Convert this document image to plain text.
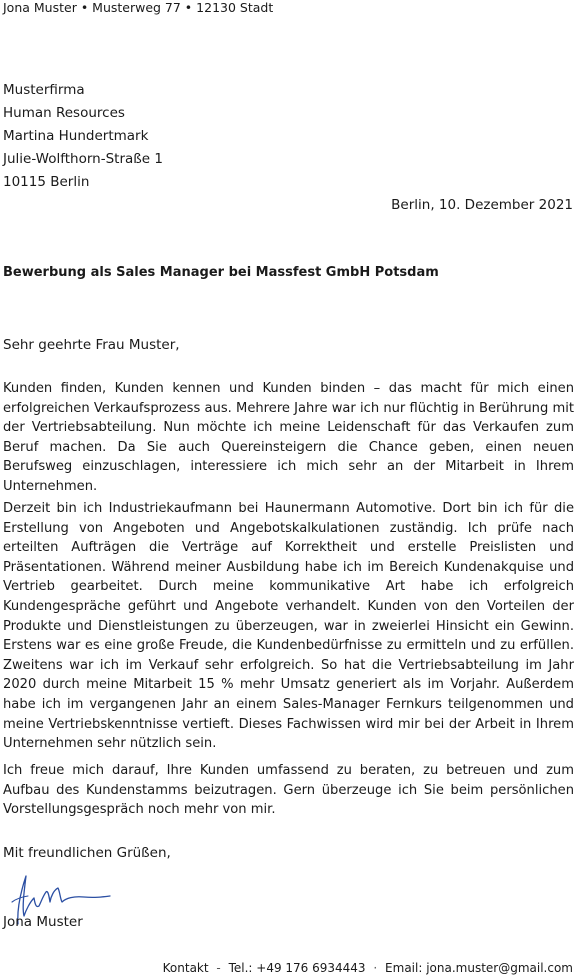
Jona Muster • Musterweg 77 • 12130 Stadt
Musterfirma
Human Resources
Martina Hundertmark
Julie-Wolfthorn-Straße 1
10115 Berlin
Berlin, 10. Dezember 2021
Bewerbung als Sales Manager bei Massfest GmbH Potsdam
Sehr geehrte Frau Muster,

Kunden finden, Kunden kennen und Kunden binden – das macht für mich einen erfolgreichen Verkaufsprozess aus. Mehrere Jahre war ich nur flüchtig in Berührung mit der Vertriebsabteilung. Nun möchte ich meine Leidenschaft für das Verkaufen zum Beruf machen. Da Sie auch Quereinsteigern die Chance geben, einen neuen Berufsweg einzuschlagen, interessiere ich mich sehr an der Mitarbeit in Ihrem Unternehmen.

Derzeit bin ich Industriekaufmann bei Haunermann Automotive. Dort bin ich für die Erstellung von Angeboten und Angebotskalkulationen zuständig. Ich prüfe nach erteilten Aufträgen die Verträge auf Korrektheit und erstelle Preislisten und Präsentationen. Während meiner Ausbildung habe ich im Bereich Kundenakquise und Vertrieb gearbeitet. Durch meine kommunikative Art habe ich erfolgreich Kundengespräche geführt und Angebote verhandelt. Kunden von den Vorteilen der Produkte und Dienstleistungen zu überzeugen, war in zweierlei Hinsicht ein Gewinn. Erstens war es eine große Freude, die Kundenbedürfnisse zu ermitteln und zu erfüllen. Zweitens war ich im Verkauf sehr erfolgreich. So hat die Vertriebsabteilung im Jahr 2020 durch meine Mitarbeit 15 % mehr Umsatz generiert als im Vorjahr. Außerdem habe ich im vergangenen Jahr an einem Sales-Manager Fernkurs teilgenommen und meine Vertriebskenntnisse vertieft. Dieses Fachwissen wird mir bei der Arbeit in Ihrem Unternehmen sehr nützlich sein.

Ich freue mich darauf, Ihre Kunden umfassend zu beraten, zu betreuen und zum Aufbau des Kundenstamms beizutragen. Gern überzeuge ich Sie beim persönlichen Vorstellungsgespräch noch mehr von mir.

Mit freundlichen Grüßen,
Jona Muster
Kontakt - Tel.: +49 176 6934443 · Email: jona.muster@gmail.com
